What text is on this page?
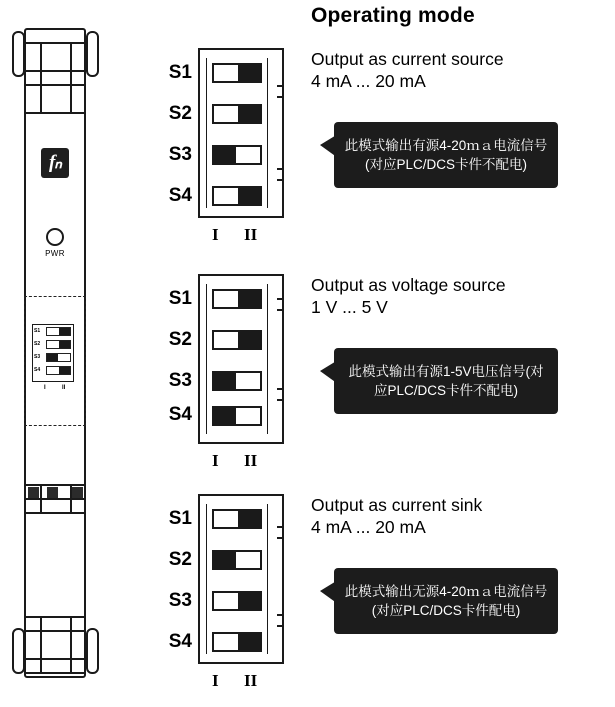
fₙ
PWR
S1
S2
S3
S4
I	II
Operating mode
S1
S2
S3
S4
I II
Output as current source
4 mA ... 20 mA
此模式输出有源4-20ｍａ电流信号(对应PLC/DCS卡件不配电)
S1
S2
S3
S4
I II
Output as voltage source
1 V ... 5 V
此模式输出有源1-5V电压信号(对应PLC/DCS卡件不配电)
S1
S2
S3
S4
I II
Output as current sink
4 mA ... 20 mA
此模式输出无源4-20ｍａ电流信号(对应PLC/DCS卡件配电)
